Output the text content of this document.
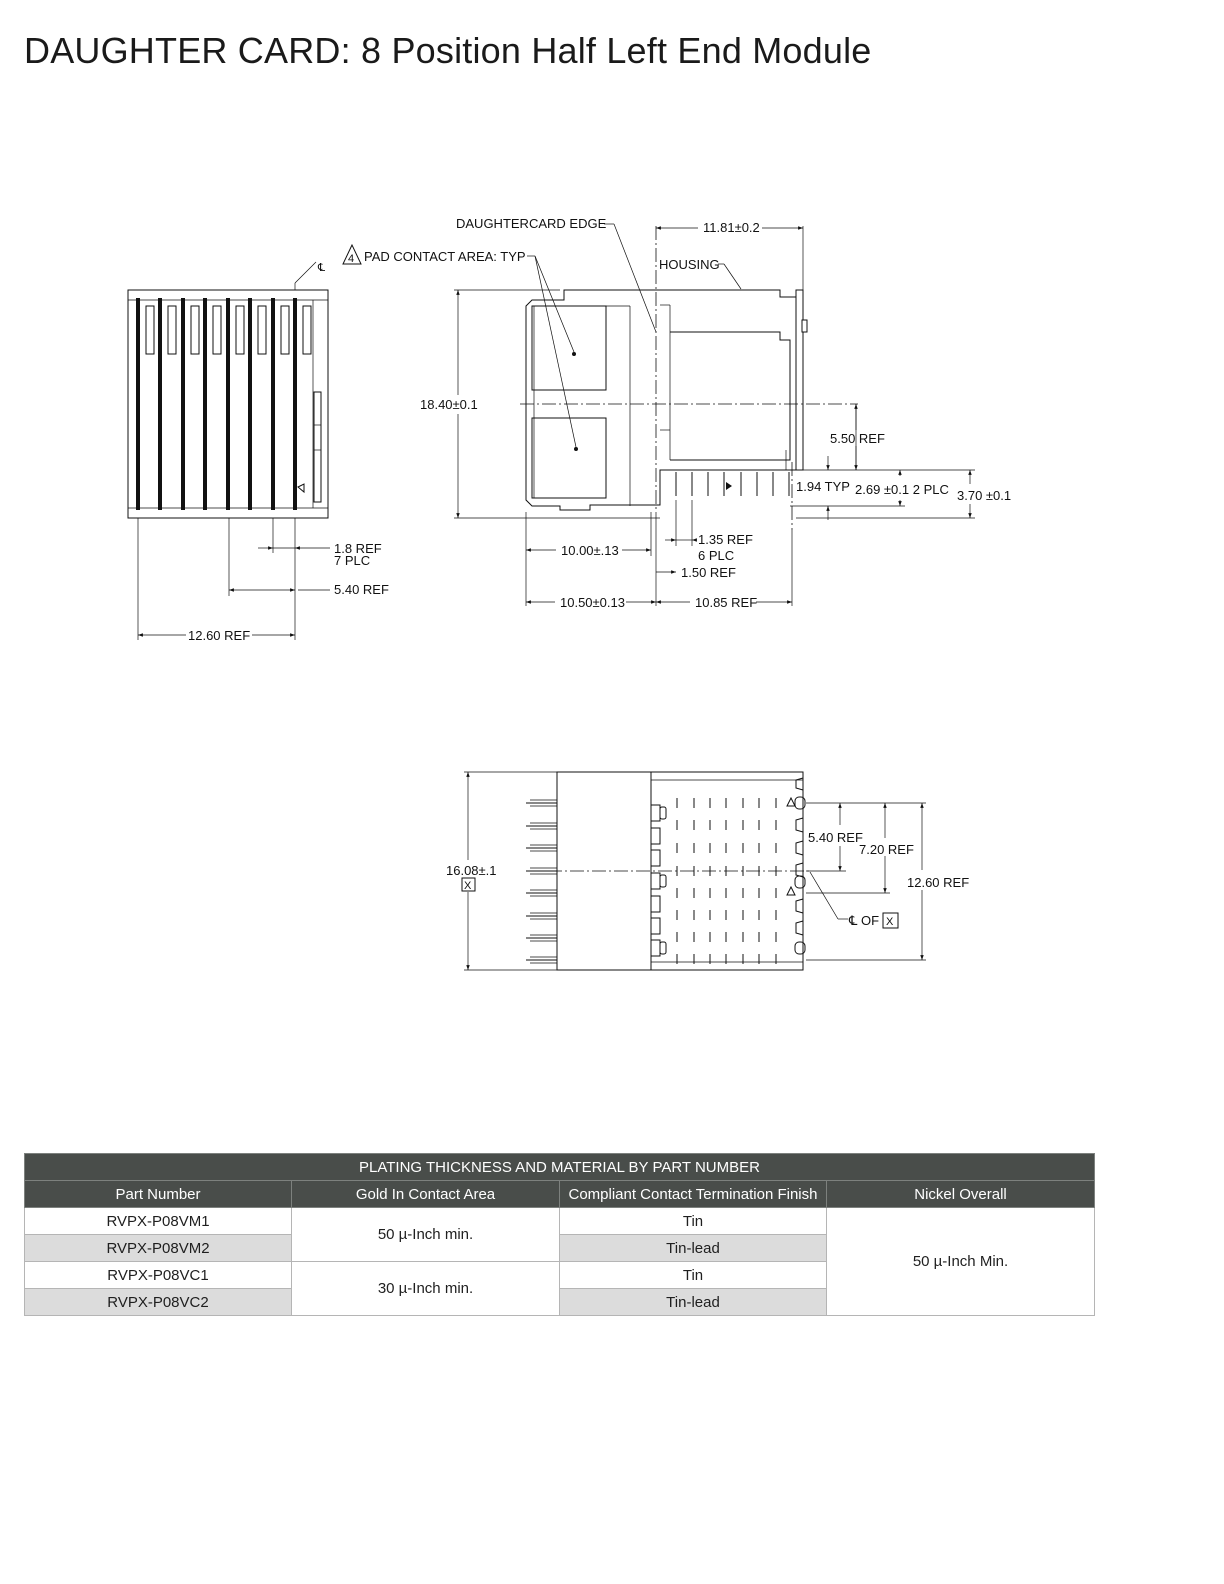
DAUGHTER CARD: 8 Position Half Left End Module
℄
1.8 REF
7 PLC
5.40 REF
12.60 REF
18.40±0.1
11.81±0.2
DAUGHTERCARD EDGE
4 PAD CONTACT AREA: TYP
HOUSING
5.50 REF
1.94 TYP 2.69 ±0.1 2 PLC 3.70 ±0.1
10.00±.13
1.35 REF
6 PLC
1.50 REF
10.50±0.13	10.85 REF
16.08±.1
X
5.40 REF
7.20 REF
12.60 REF
℄ OF X
PLATING THICKNESS AND MATERIAL BY PART NUMBER			
Part Number	Gold In Contact Area	Compliant Contact Termination Finish	Nickel Overall
RVPX-P08VM1	50 µ-Inch min.	Tin	50 µ-Inch Min.
RVPX-P08VM2		Tin-lead	
RVPX-P08VC1	30 µ-Inch min.	Tin	
RVPX-P08VC2		Tin-lead	
